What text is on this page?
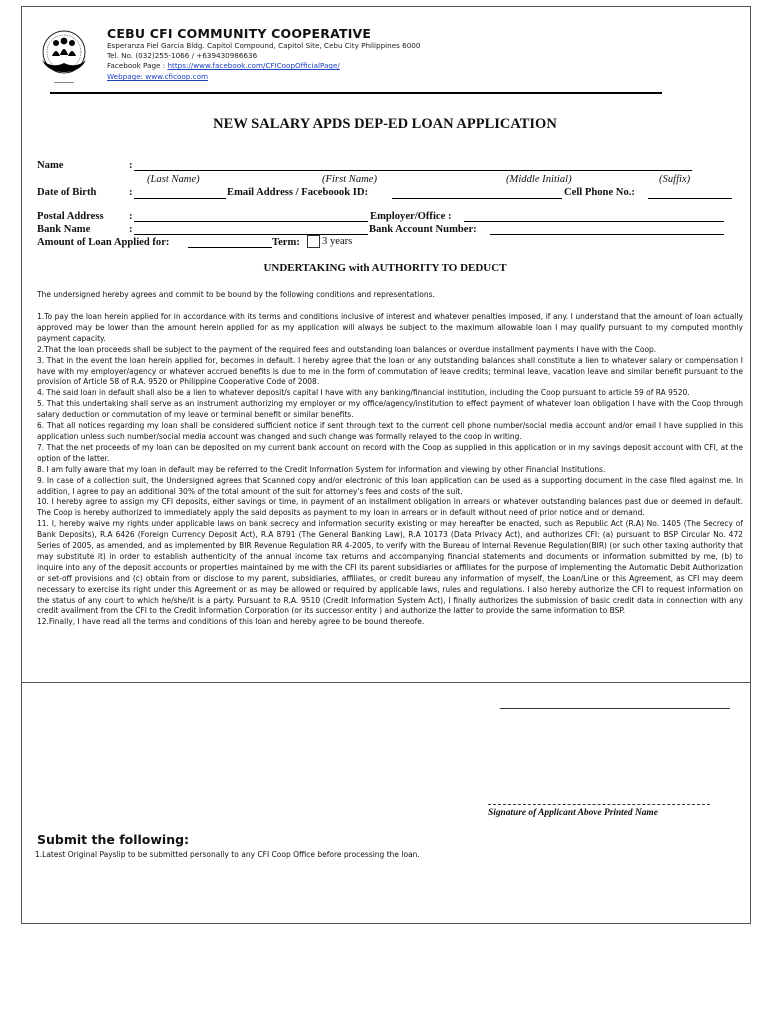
CEBU CFI COMMUNITY COOPERATIVE
Esperanza Fiel Garcia Bldg. Capitol Compound, Capitol Site, Cebu City Philippines 6000
Tel. No. (032)255-1066 / +639430986636
Facebook Page : https://www.facebook.com/CFICoopOfficialPage/
Webpage: www.cficoop.com
NEW SALARY APDS DEP-ED LOAN APPLICATION
Name	:
(Last Name)	(First Name)	(Middle Initial)	(Suffix)
Date of Birth	:	Email Address / Faceboook ID:	Cell Phone No.:
Postal Address :	Employer/Office :
Bank Name	:	Bank Account Number:
Amount of Loan Applied for:	Term: 3 years
UNDERTAKING with AUTHORITY TO DEDUCT
The undersigned hereby agrees and commit to be bound by the following conditions and representations.

1.To pay the loan herein applied for in accordance with its terms and conditions inclusive of interest and whatever penalties imposed, if any. I understand that the amount of loan actually approved may be lower than the amount herein applied for as my application will always be subject to the maximum allowable loan I may qualify pursuant to my computed monthly payment capacity.

2.That the loan proceeds shall be subject to the payment of the required fees and outstanding loan balances or overdue installment payments I have with the Coop.

3. That in the event the loan herein applied for, becomes in default. I hereby agree that the loan or any outstanding balances shall constitute a lien to whatever salary or compensation I have with my employer/agency or whatever accrued benefits is due to me in the form of commutation of leave credits; terminal leave, vacation leave and similar benefit pursuant to the provision of Article 58 of R.A. 9520 or Philippine Cooperative Code of 2008.

4. The said loan in default shall also be a lien to whatever deposit/s capital I have with any banking/financial institution, including the Coop pursuant to article 59 of RA 9520.

5. That this undertaking shall serve as an instrument authorizing my employer or my office/agency/institution to effect payment of whatever loan obligation I have with the Coop through salary deduction or commutation of my leave or terminal benefit or similar benefits.

6. That all notices regarding my loan shall be considered sufficient notice if sent through text to the current cell phone number/social media account and/or email I have supplied in this application unless such number/social media account was changed and such change was formally relayed to the coop in writing.

7. That the net proceeds of my loan can be deposited on my current bank account on record with the Coop as supplied in this application or in my savings deposit account with CFI, at the option of the latter.

8. I am fully aware that my loan in default may be referred to the Credit Information System for information and viewing by other Financial Institutions.

9. In case of a collection suit, the Undersigned agrees that Scanned copy and/or electronic of this loan application can be used as a supporting document in the case filed against me. In addition, I agree to pay an additional 30% of the total amount of the suit for attorney's fees and costs of the suit.

10. I hereby agree to assign my CFI deposits, either savings or time, in payment of an installment obligation in arrears or whatever outstanding balances past due or deemed in default. The Coop is hereby authorized to immediately apply the said deposits as payment to my loan in arrears or in default without need of prior notice and or demand.

11. I, hereby waive my rights under applicable laws on bank secrecy and information security existing or may hereafter be enacted, such as Republic Act (R.A) No. 1405 (The Secrecy of Bank Deposits), R.A 6426 (Foreign Currency Deposit Act), R.A 8791 (The General Banking Law), R.A 10173 (Data Privacy Act), and authorizes CFI: (a) pursuant to BSP Circular No. 472 Series of 2005, as amended, and as implemented by BIR Revenue Regulation RR 4-2005, to verify with the Bureau of Internal Revenue Regulation(BIR) (or such other taxing authority that may substitute it) in order to establish authenticity of the annual income tax returns and accompanying financial statements and documents or information submitted by me, (b) to inquire into any of the deposit accounts or properties maintained by me with the CFI its parent subsidiaries or affiliates for the purpose of implementing the Automatic Debit Authorization or set-off provisions and (c) obtain from or disclose to my parent, subsidiaries, affiliates, or credit bureau any information of myself, the Loan/Line or this Agreement, as CFI may deem necessary to exercise its right under this Agreement or as may be allowed or required by applicable laws, rules and regulations. I also hereby authorize the CFI to request information on the status of any court to which he/she/it is a party. Pursuant to R.A. 9510 (Credit Information System Act), I finally authorizes the submission of basic credit data in connection with any credit availment from the CFI to the Credit Information Corporation (or its successor entity ) and authorize the latter to provide the same information to BSP.

12.Finally, I have read all the terms and conditions of this loan and hereby agree to be bound thereofe.

Signature of Applicant Above Printed Name
Submit the following:
1.Latest Original Payslip to be submitted personally to any CFI Coop Office before processing the loan.
